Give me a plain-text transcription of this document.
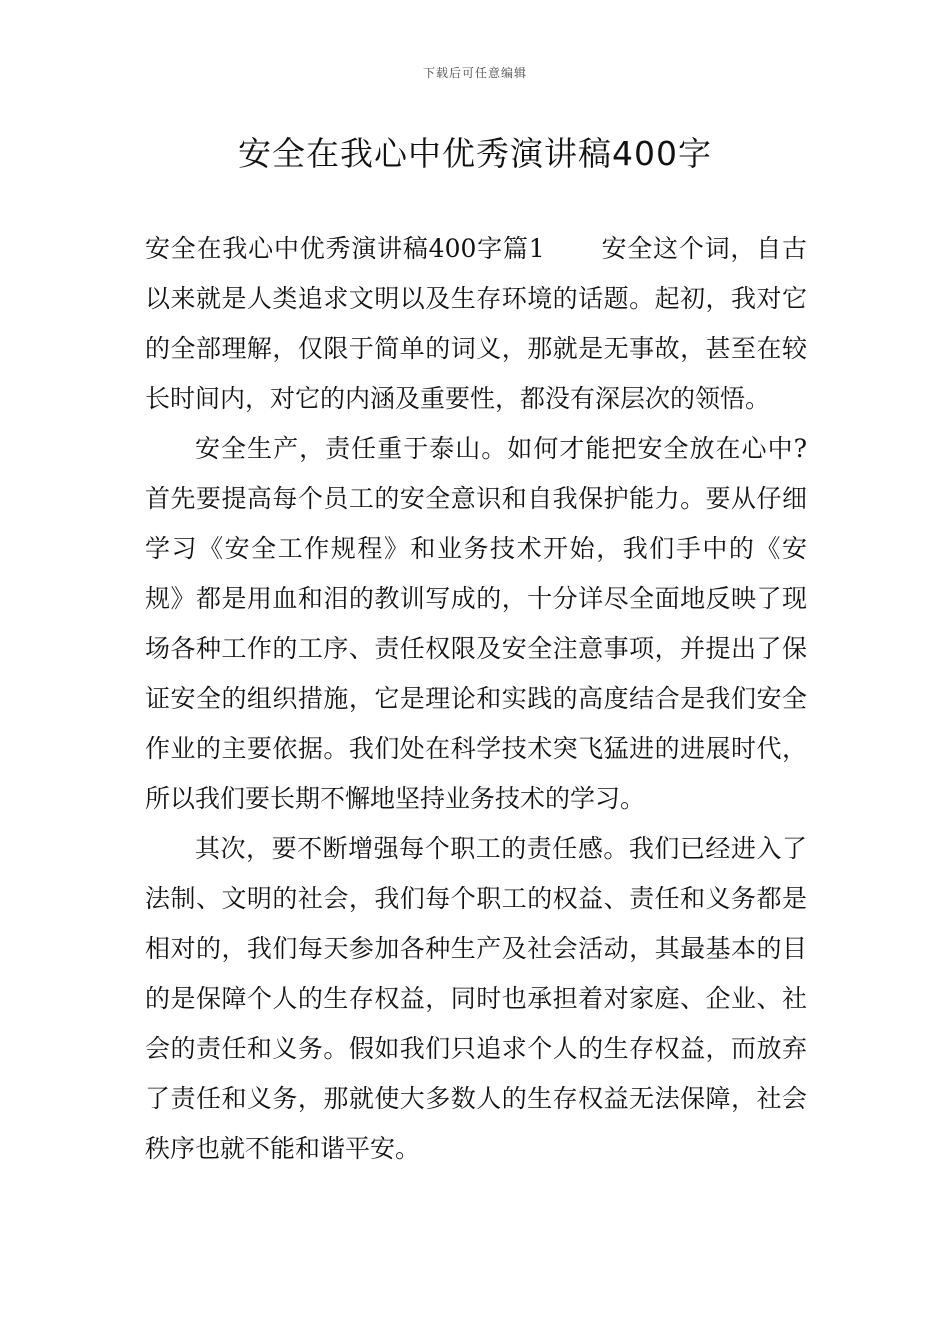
下载后可任意编辑
安全在我心中优秀演讲稿400字

安全在我心中优秀演讲稿400字篇1 安全这个词，自古以来就是人类追求文明以及生存环境的话题。起初，我对它的全部理解，仅限于简单的词义，那就是无事故，甚至在较长时间内，对它的内涵及重要性，都没有深层次的领悟。

安全生产，责任重于泰山。如何才能把安全放在心中?首先要提高每个员工的安全意识和自我保护能力。要从仔细学习《安全工作规程》和业务技术开始，我们手中的《安规》都是用血和泪的教训写成的，十分详尽全面地反映了现场各种工作的工序、责任权限及安全注意事项，并提出了保证安全的组织措施，它是理论和实践的高度结合是我们安全作业的主要依据。我们处在科学技术突飞猛进的进展时代，所以我们要长期不懈地坚持业务技术的学习。

其次，要不断增强每个职工的责任感。我们已经进入了法制、文明的社会，我们每个职工的权益、责任和义务都是相对的，我们每天参加各种生产及社会活动，其最基本的目的是保障个人的生存权益，同时也承担着对家庭、企业、社会的责任和义务。假如我们只追求个人的生存权益，而放弃了责任和义务，那就使大多数人的生存权益无法保障，社会秩序也就不能和谐平安。
